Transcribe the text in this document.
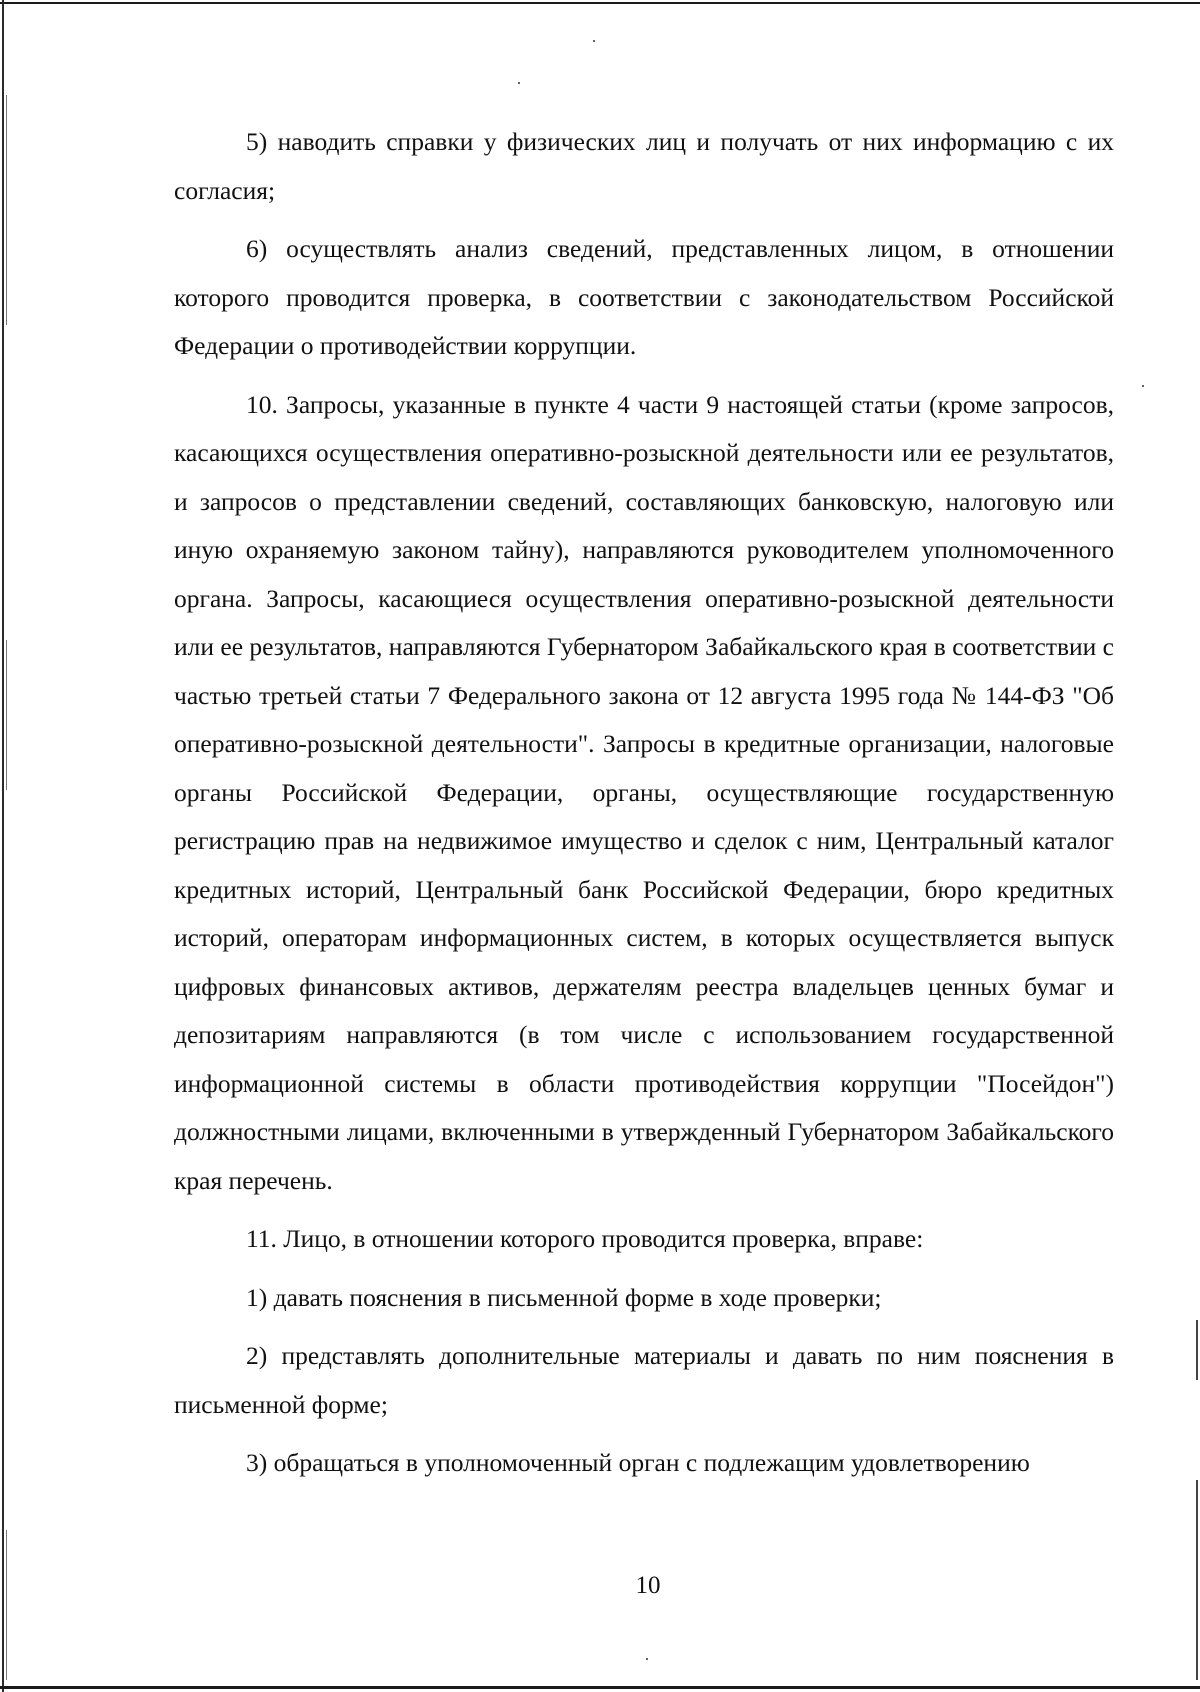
5) наводить справки у физических лиц и получать от них информацию с их согласия;

6) осуществлять анализ сведений, представленных лицом, в отношении которого проводится проверка, в соответствии с законодательством Российской Федерации о противодействии коррупции.

10. Запросы, указанные в пункте 4 части 9 настоящей статьи (кроме запросов, касающихся осуществления оперативно-розыскной деятельности или ее результатов, и запросов о представлении сведений, составляющих банковскую, налоговую или иную охраняемую законом тайну), направляются руководителем уполномоченного органа. Запросы, касающиеся осуществления оперативно-розыскной деятельности или ее результатов, направляются Губернатором Забайкальского края в соответствии с частью третьей статьи 7 Федерального закона от 12 августа 1995 года № 144-ФЗ "Об оперативно-розыскной деятельности". Запросы в кредитные организации, налоговые органы Российской Федерации, органы, осуществляющие государственную регистрацию прав на недвижимое имущество и сделок с ним, Центральный каталог кредитных историй, Центральный банк Российской Федерации, бюро кредитных историй, операторам информационных систем, в которых осуществляется выпуск цифровых финансовых активов, держателям реестра владельцев ценных бумаг и депозитариям направляются (в том числе с использованием государственной информационной системы в области противодействия коррупции "Посейдон") должностными лицами, включенными в утвержденный Губернатором Забайкальского края перечень.

11. Лицо, в отношении которого проводится проверка, вправе:

1) давать пояснения в письменной форме в ходе проверки;

2) представлять дополнительные материалы и давать по ним пояснения в письменной форме;

3) обращаться в уполномоченный орган с подлежащим удовлетворению

10
